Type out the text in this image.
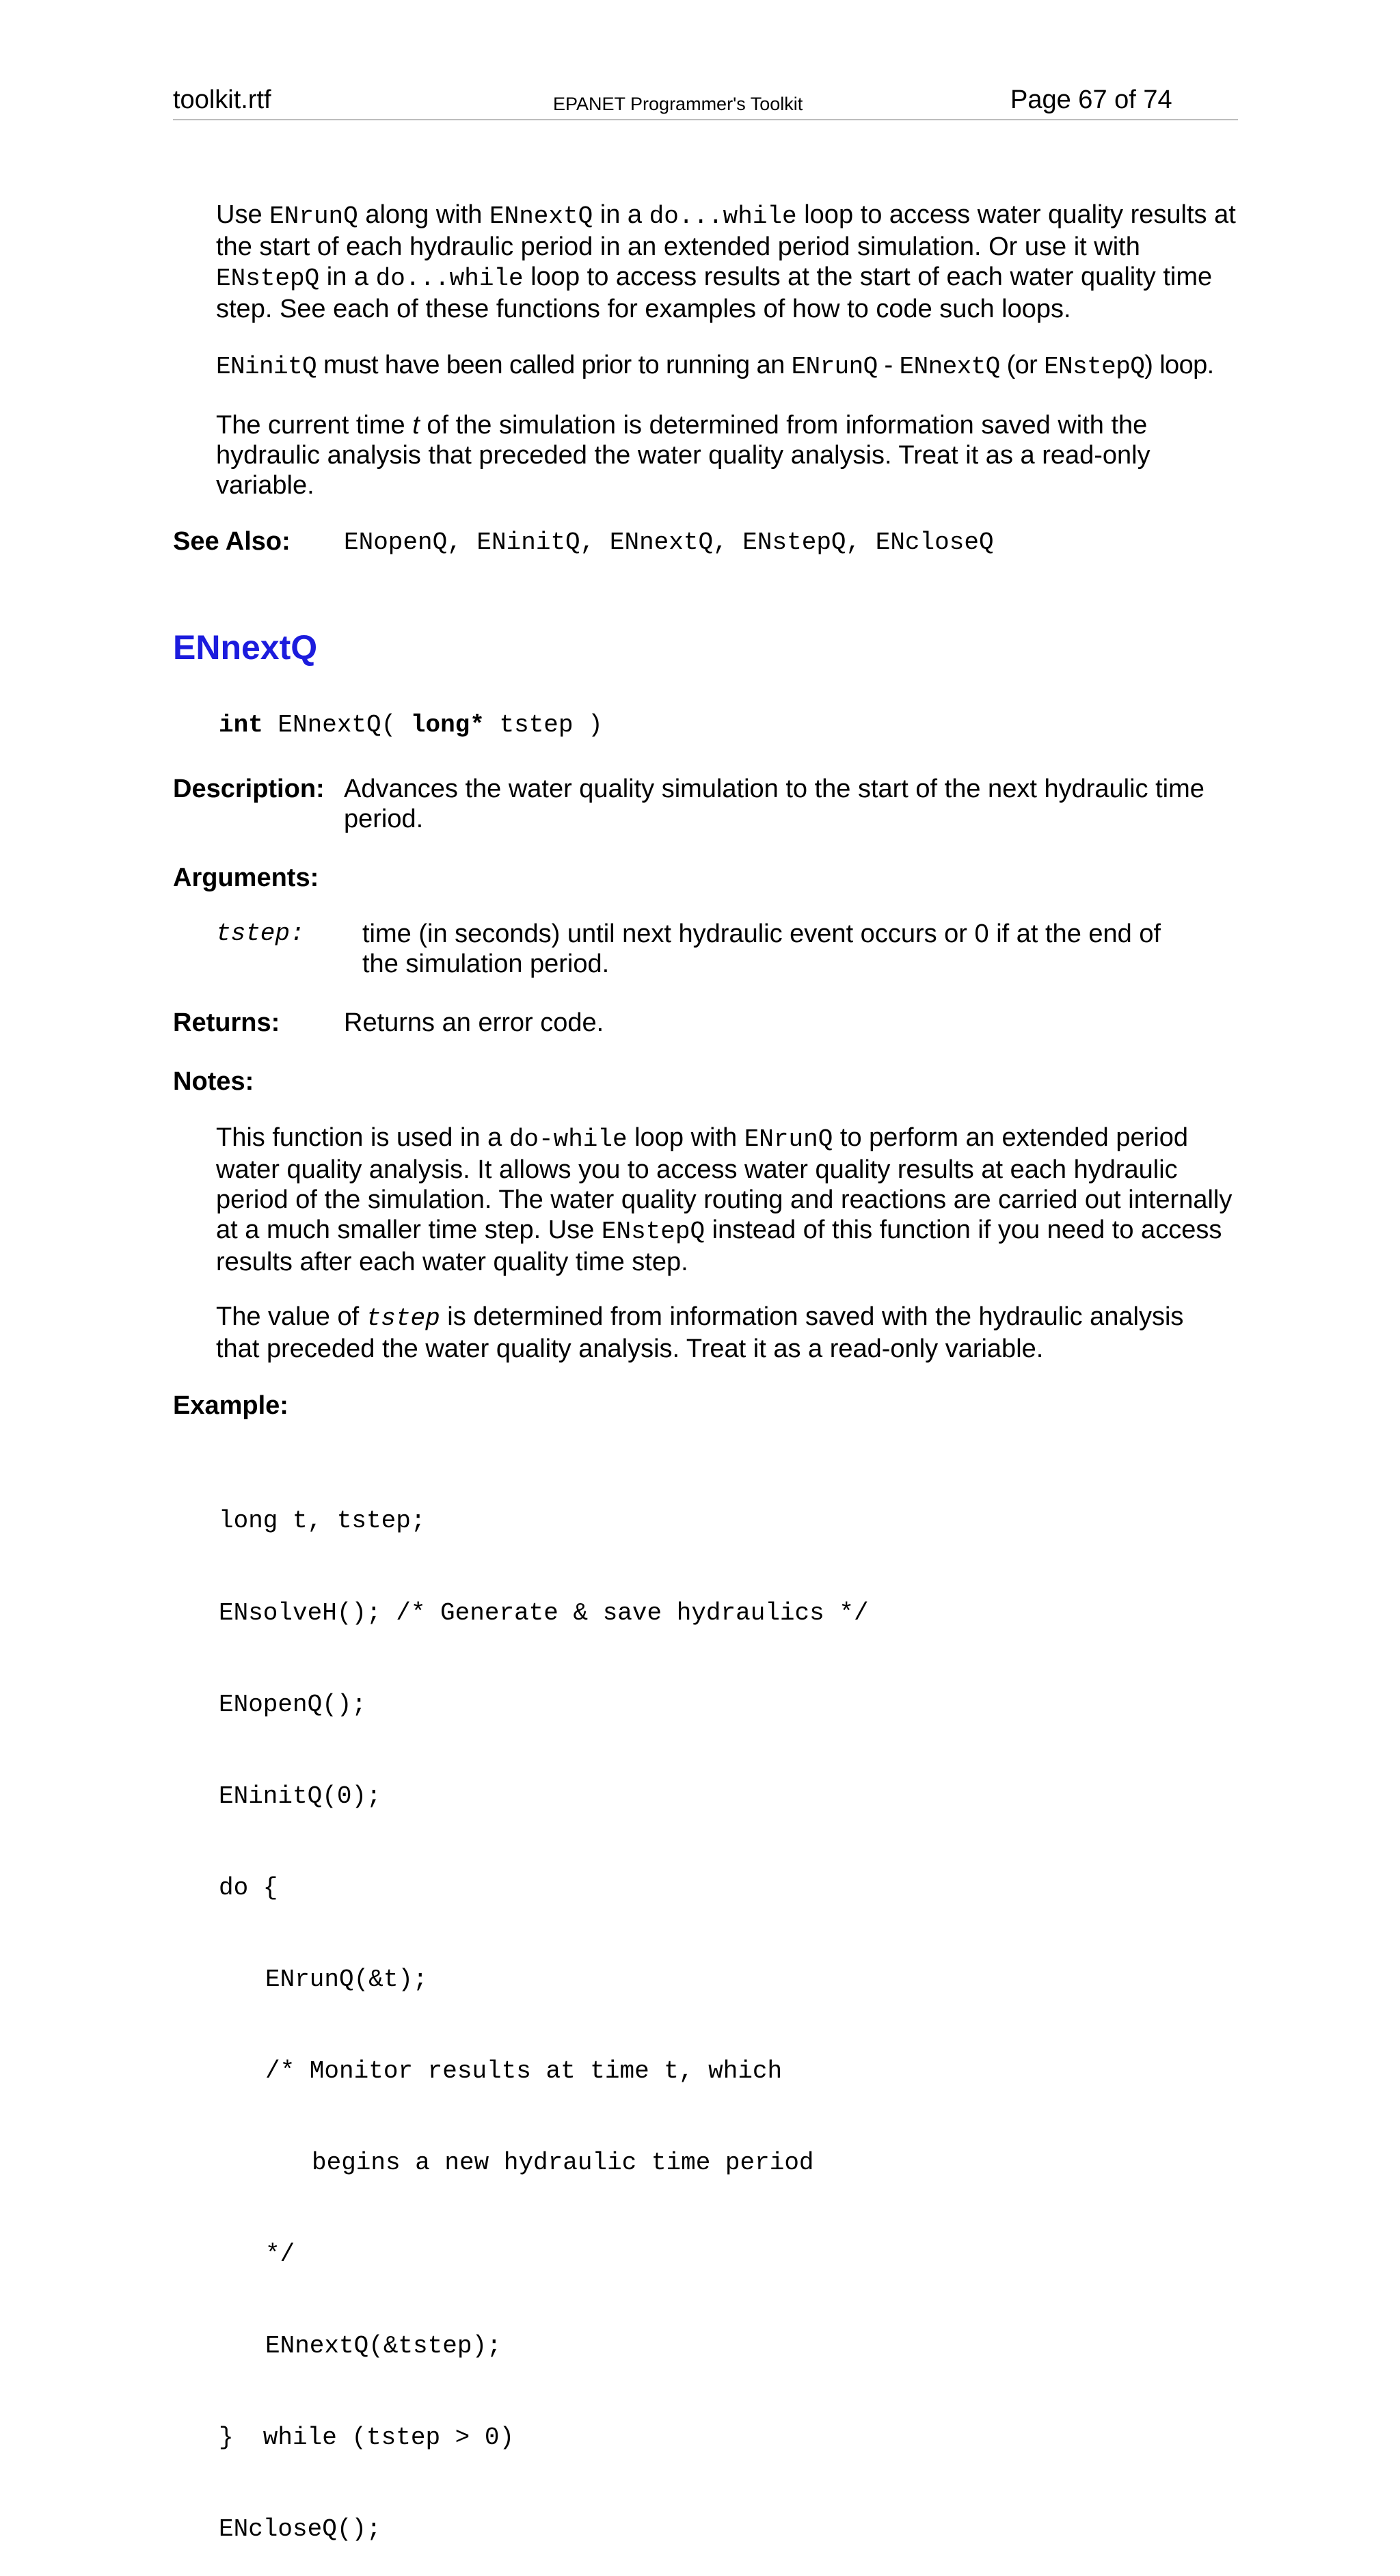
toolkit.rtf	EPANET Programmer's Toolkit	Page 67 of 74
Use ENrunQ along with ENnextQ in a do...while loop to access water quality results at the start of each hydraulic period in an extended period simulation. Or use it with ENstepQ in a do...while loop to access results at the start of each water quality time step. See each of these functions for examples of how to code such loops.
ENinitQ must have been called prior to running an ENrunQ - ENnextQ (or ENstepQ) loop.
The current time t of the simulation is determined from information saved with the hydraulic analysis that preceded the water quality analysis. Treat it as a read-only variable.
See Also: ENopenQ, ENinitQ, ENnextQ, ENstepQ, ENcloseQ
ENnextQ
int ENnextQ( long* tstep )
Description: Advances the water quality simulation to the start of the next hydraulic time period.
Arguments:
tstep: time (in seconds) until next hydraulic event occurs or 0 if at the end of the simulation period.
Returns: Returns an error code.
Notes:
This function is used in a do-while loop with ENrunQ to perform an extended period water quality analysis. It allows you to access water quality results at each hydraulic period of the simulation. The water quality routing and reactions are carried out internally at a much smaller time step. Use ENstepQ instead of this function if you need to access results after each water quality time step.
The value of tstep is determined from information saved with the hydraulic analysis that preceded the water quality analysis. Treat it as a read-only variable.
Example:

long t, tstep;

ENsolveH(); /* Generate & save hydraulics */

ENopenQ();

ENinitQ(0);

do {

ENrunQ(&t);

/* Monitor results at time t, which

begins a new hydraulic time period

*/

ENnextQ(&tstep);

}  while (tstep > 0)

ENcloseQ();
